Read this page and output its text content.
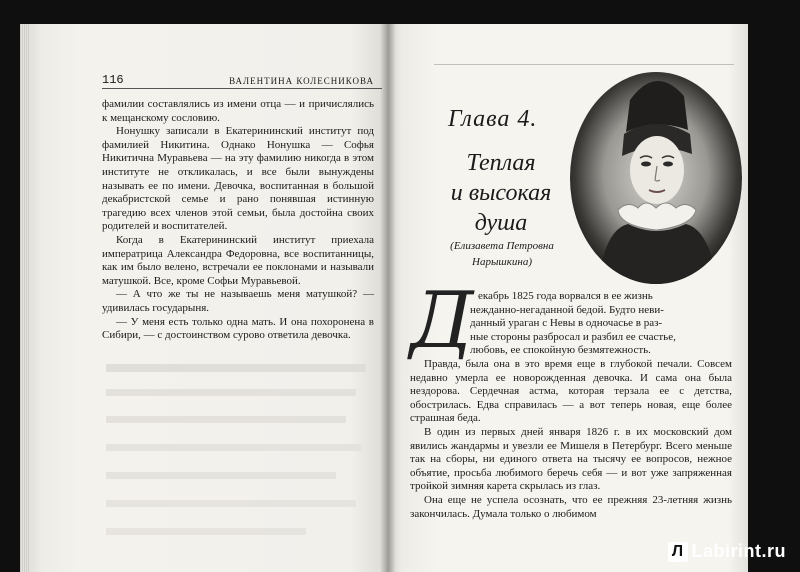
116	ВАЛЕНТИНА КОЛЕСНИКОВА

фамилии составлялись из имени отца — и причислялись к мещанскому сословию.

Нонушку записали в Екатерининский институт под фамилией Никитина. Однако Нонушка — Софья Никитична Муравьева — на эту фамилию никогда в этом институте не откликалась, и все были вынуждены называть ее по имени. Девочка, воспитанная в большой декабристской семье и рано понявшая истинную трагедию всех членов этой семьи, была достойна своих родителей и воспитателей.

Когда в Екатерининский институт приехала императрица Александра Федоровна, все воспитанницы, как им было велено, встречали ее поклонами и называли матушкой. Все, кроме Софьи Муравьевой.

— А что же ты не называешь меня матушкой? — удивилась государыня.

— У меня есть только одна мать. И она похоронена в Сибири, — с достоинством сурово ответила девочка.

Глава 4.
Теплая
и высокая душа
(Елизавета Петровна
Нарышкина)
Д екабрь 1825 года ворвался в ее жизнь

нежданно-негаданной бедой. Будто неви-

данный ураган с Невы в одночасье в раз-

ные стороны разбросал и разбил ее счастье,

любовь, ее спокойную безмятежность.

Правда, была она в это время еще в глубокой печали. Совсем недавно умерла ее новорожденная девочка. И сама она была нездорова. Сердечная астма, которая терзала ее с детства, обострилась. Едва справилась — а вот теперь новая, еще более страшная беда.

В один из первых дней января 1826 г. в их московский дом явились жандармы и увезли ее Мишеля в Петербург. Всего меньше так на сборы, ни единого ответа на тысячу ее вопросов, нежное объятие, просьба любимого беречь себя — и вот уже запряженная тройкой зимняя карета скрылась из глаз.

Она еще не успела осознать, что ее прежняя 23-летняя жизнь закончилась. Думала только о любимом

Л Labirint.ru
